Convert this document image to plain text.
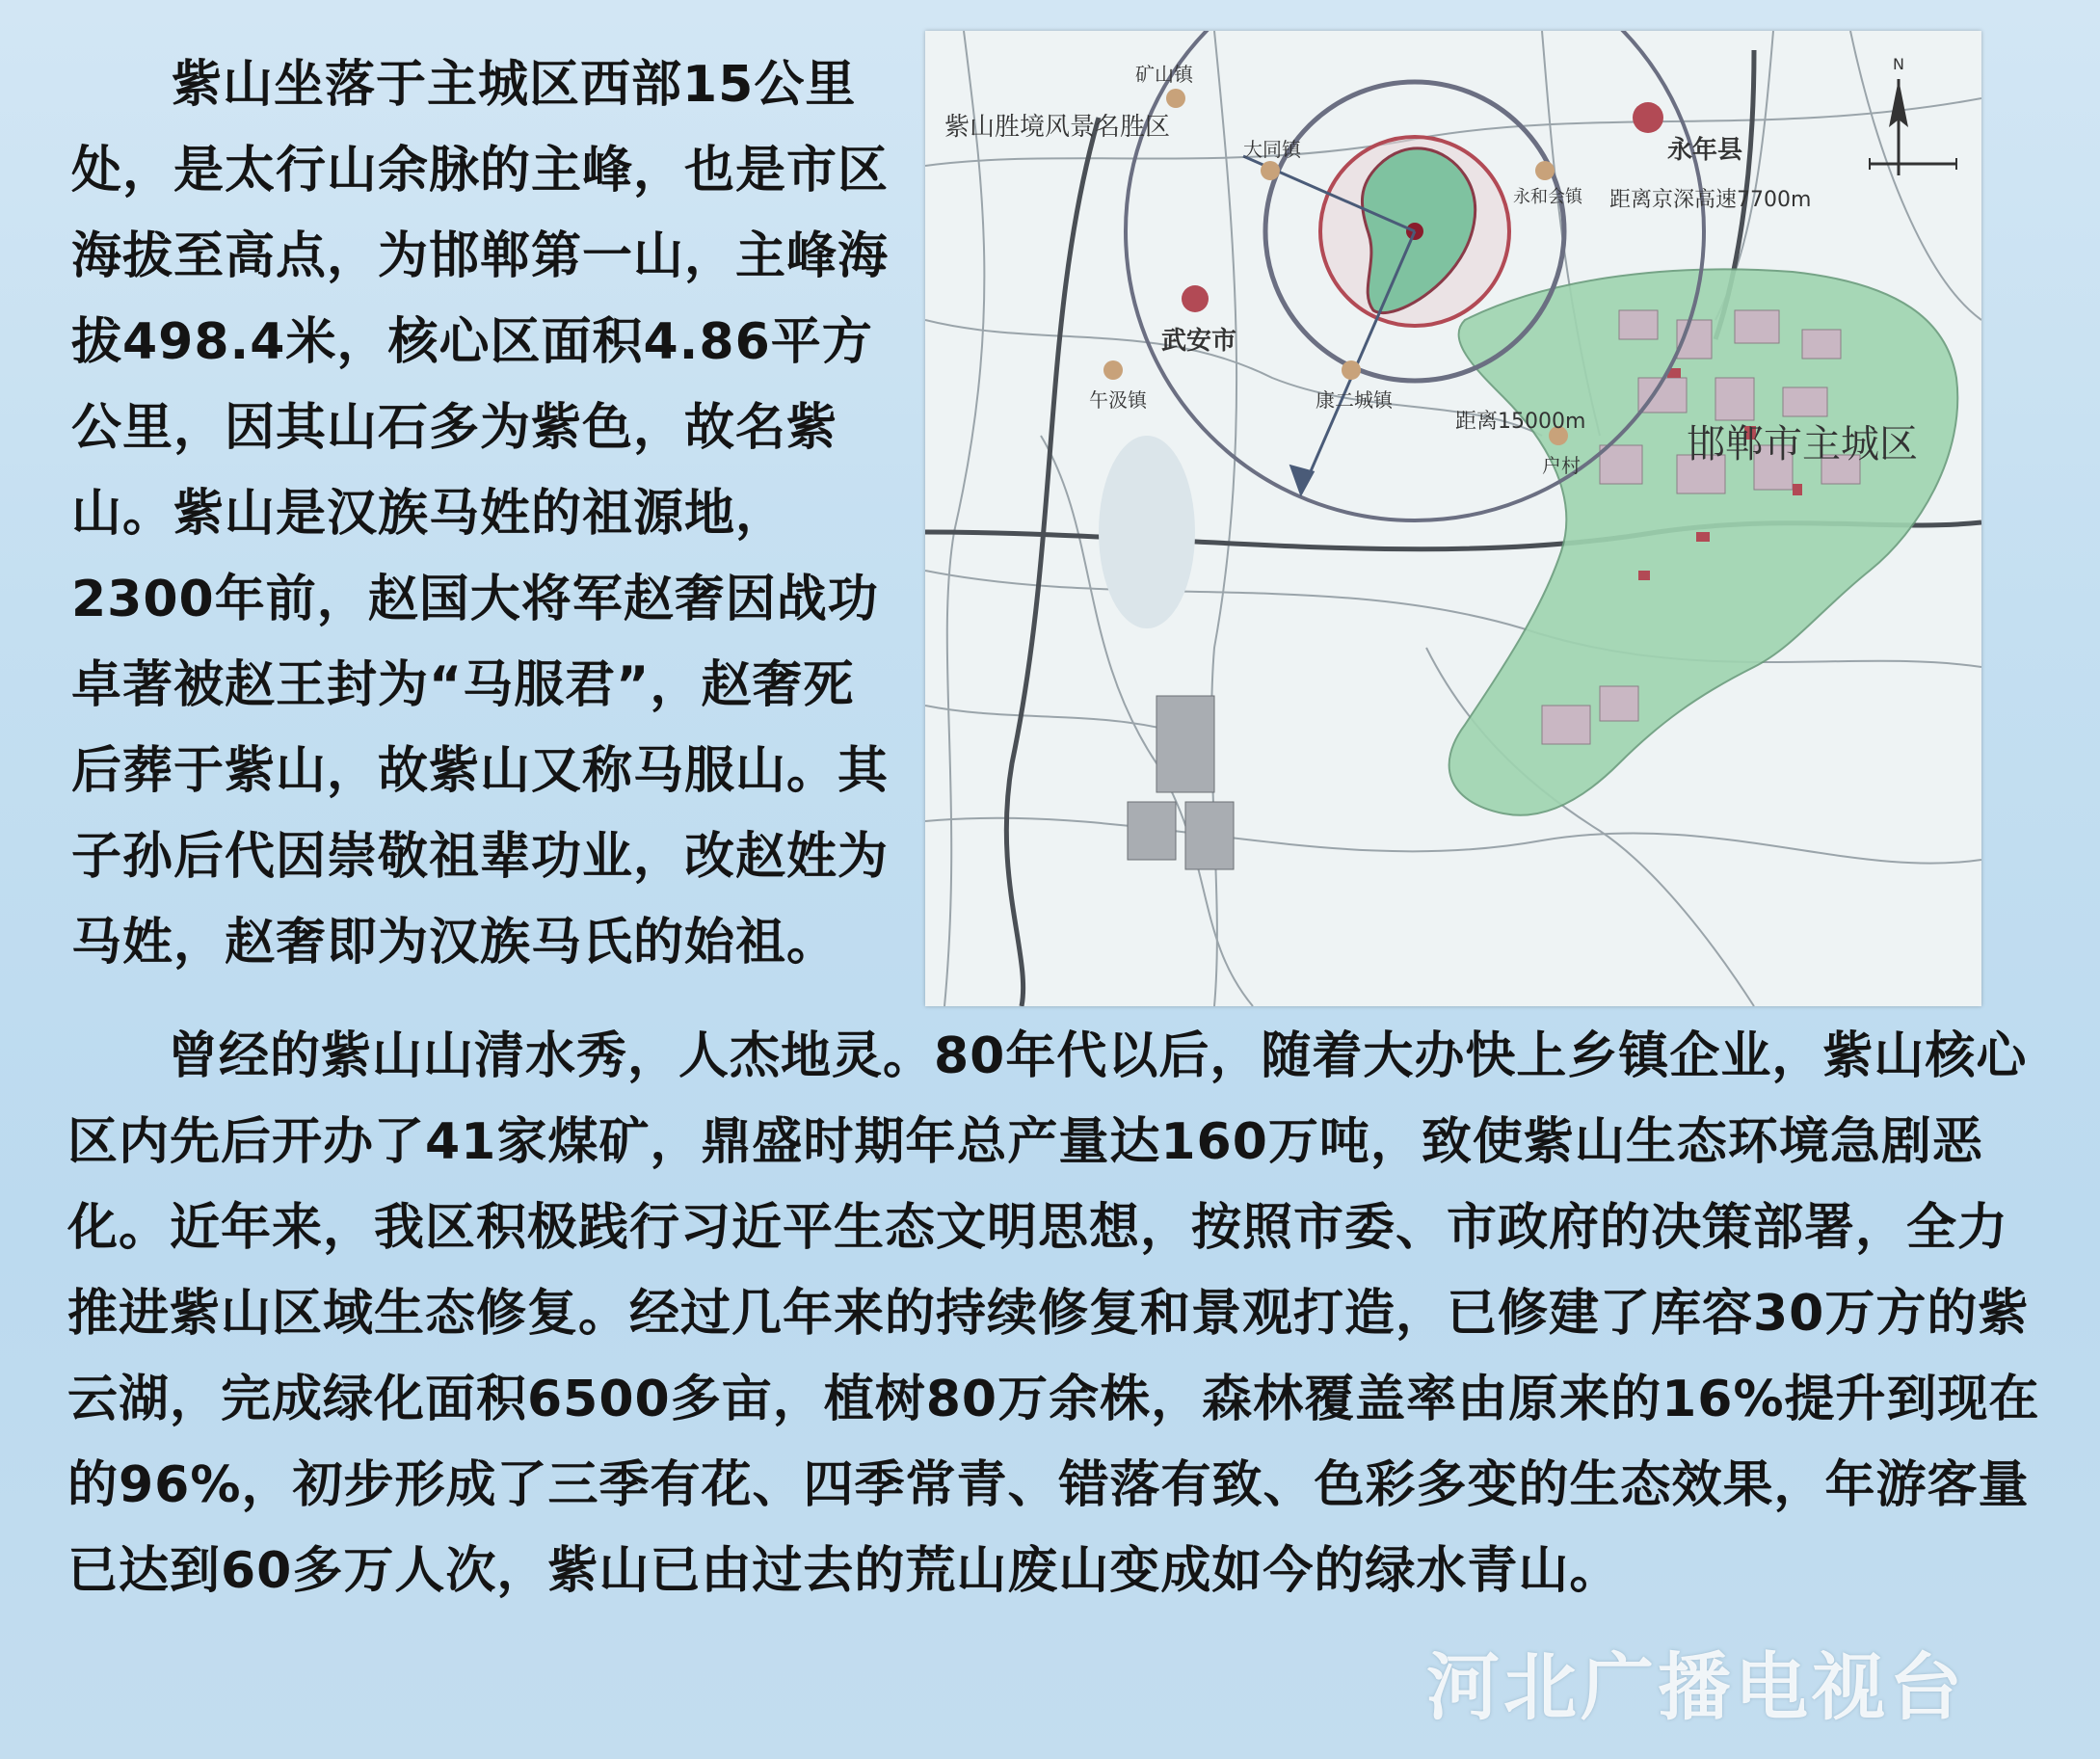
紫山坐落于主城区西部15公里处，是太行山余脉的主峰，也是市区海拔至高点，为邯郸第一山，主峰海拔498.4米，核心区面积4.86平方公里，因其山石多为紫色，故名紫山。紫山是汉族马姓的祖源地，2300年前，赵国大将军赵奢因战功卓著被赵王封为“马服君”，赵奢死后葬于紫山，故紫山又称马服山。其子孙后代因崇敬祖辈功业，改赵姓为马姓，赵奢即为汉族马氏的始祖。

紫山胜境风景名胜区
矿山镇
大同镇
永和会镇
永年县
距离京深高速7700m
武安市
午汲镇	康二城镇
距离15000m
户村	邯郸市主城区
N

曾经的紫山山清水秀，人杰地灵。80年代以后，随着大办快上乡镇企业，紫山核心区内先后开办了41家煤矿，鼎盛时期年总产量达160万吨，致使紫山生态环境急剧恶化。近年来，我区积极践行习近平生态文明思想，按照市委、市政府的决策部署，全力推进紫山区域生态修复。经过几年来的持续修复和景观打造，已修建了库容30万方的紫云湖，完成绿化面积6500多亩，植树80万余株，森林覆盖率由原来的16%提升到现在的96%，初步形成了三季有花、四季常青、错落有致、色彩多变的生态效果，年游客量已达到60多万人次，紫山已由过去的荒山废山变成如今的绿水青山。

河北广播电视台
